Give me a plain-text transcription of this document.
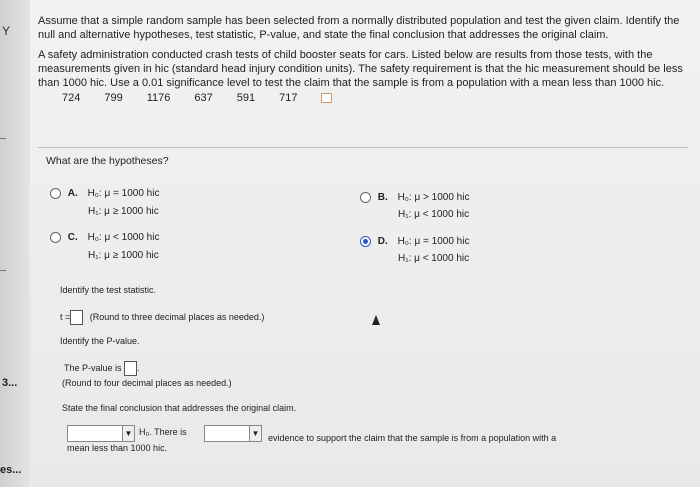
Y
3...
es...

Assume that a simple random sample has been selected from a normally distributed population and test the given claim. Identify the null and alternative hypotheses, test statistic, P-value, and state the final conclusion that addresses the original claim.

A safety administration conducted crash tests of child booster seats for cars. Listed below are results from those tests, with the measurements given in hic (standard head injury condition units). The safety requirement is that the hic measurement should be less than 1000 hic. Use a 0.01 significance level to test the claim that the sample is from a population with a mean less than 1000 hic.

724 799 1176 637 591 717
What are the hypotheses?
A. H₀: μ = 1000 hic
H₁: μ ≥ 1000 hic
B. H₀: μ > 1000 hic
H₁: μ < 1000 hic
C. H₀: μ < 1000 hic
H₁: μ ≥ 1000 hic
D. H₀: μ = 1000 hic
H₁: μ < 1000 hic
Identify the test statistic.
t = (Round to three decimal places as needed.)
Identify the P-value.
The P-value is .
(Round to four decimal places as needed.)
State the final conclusion that addresses the original claim.
▼ H₀. There is	▼ evidence to support the claim that the sample is from a population with a
mean less than 1000 hic.
